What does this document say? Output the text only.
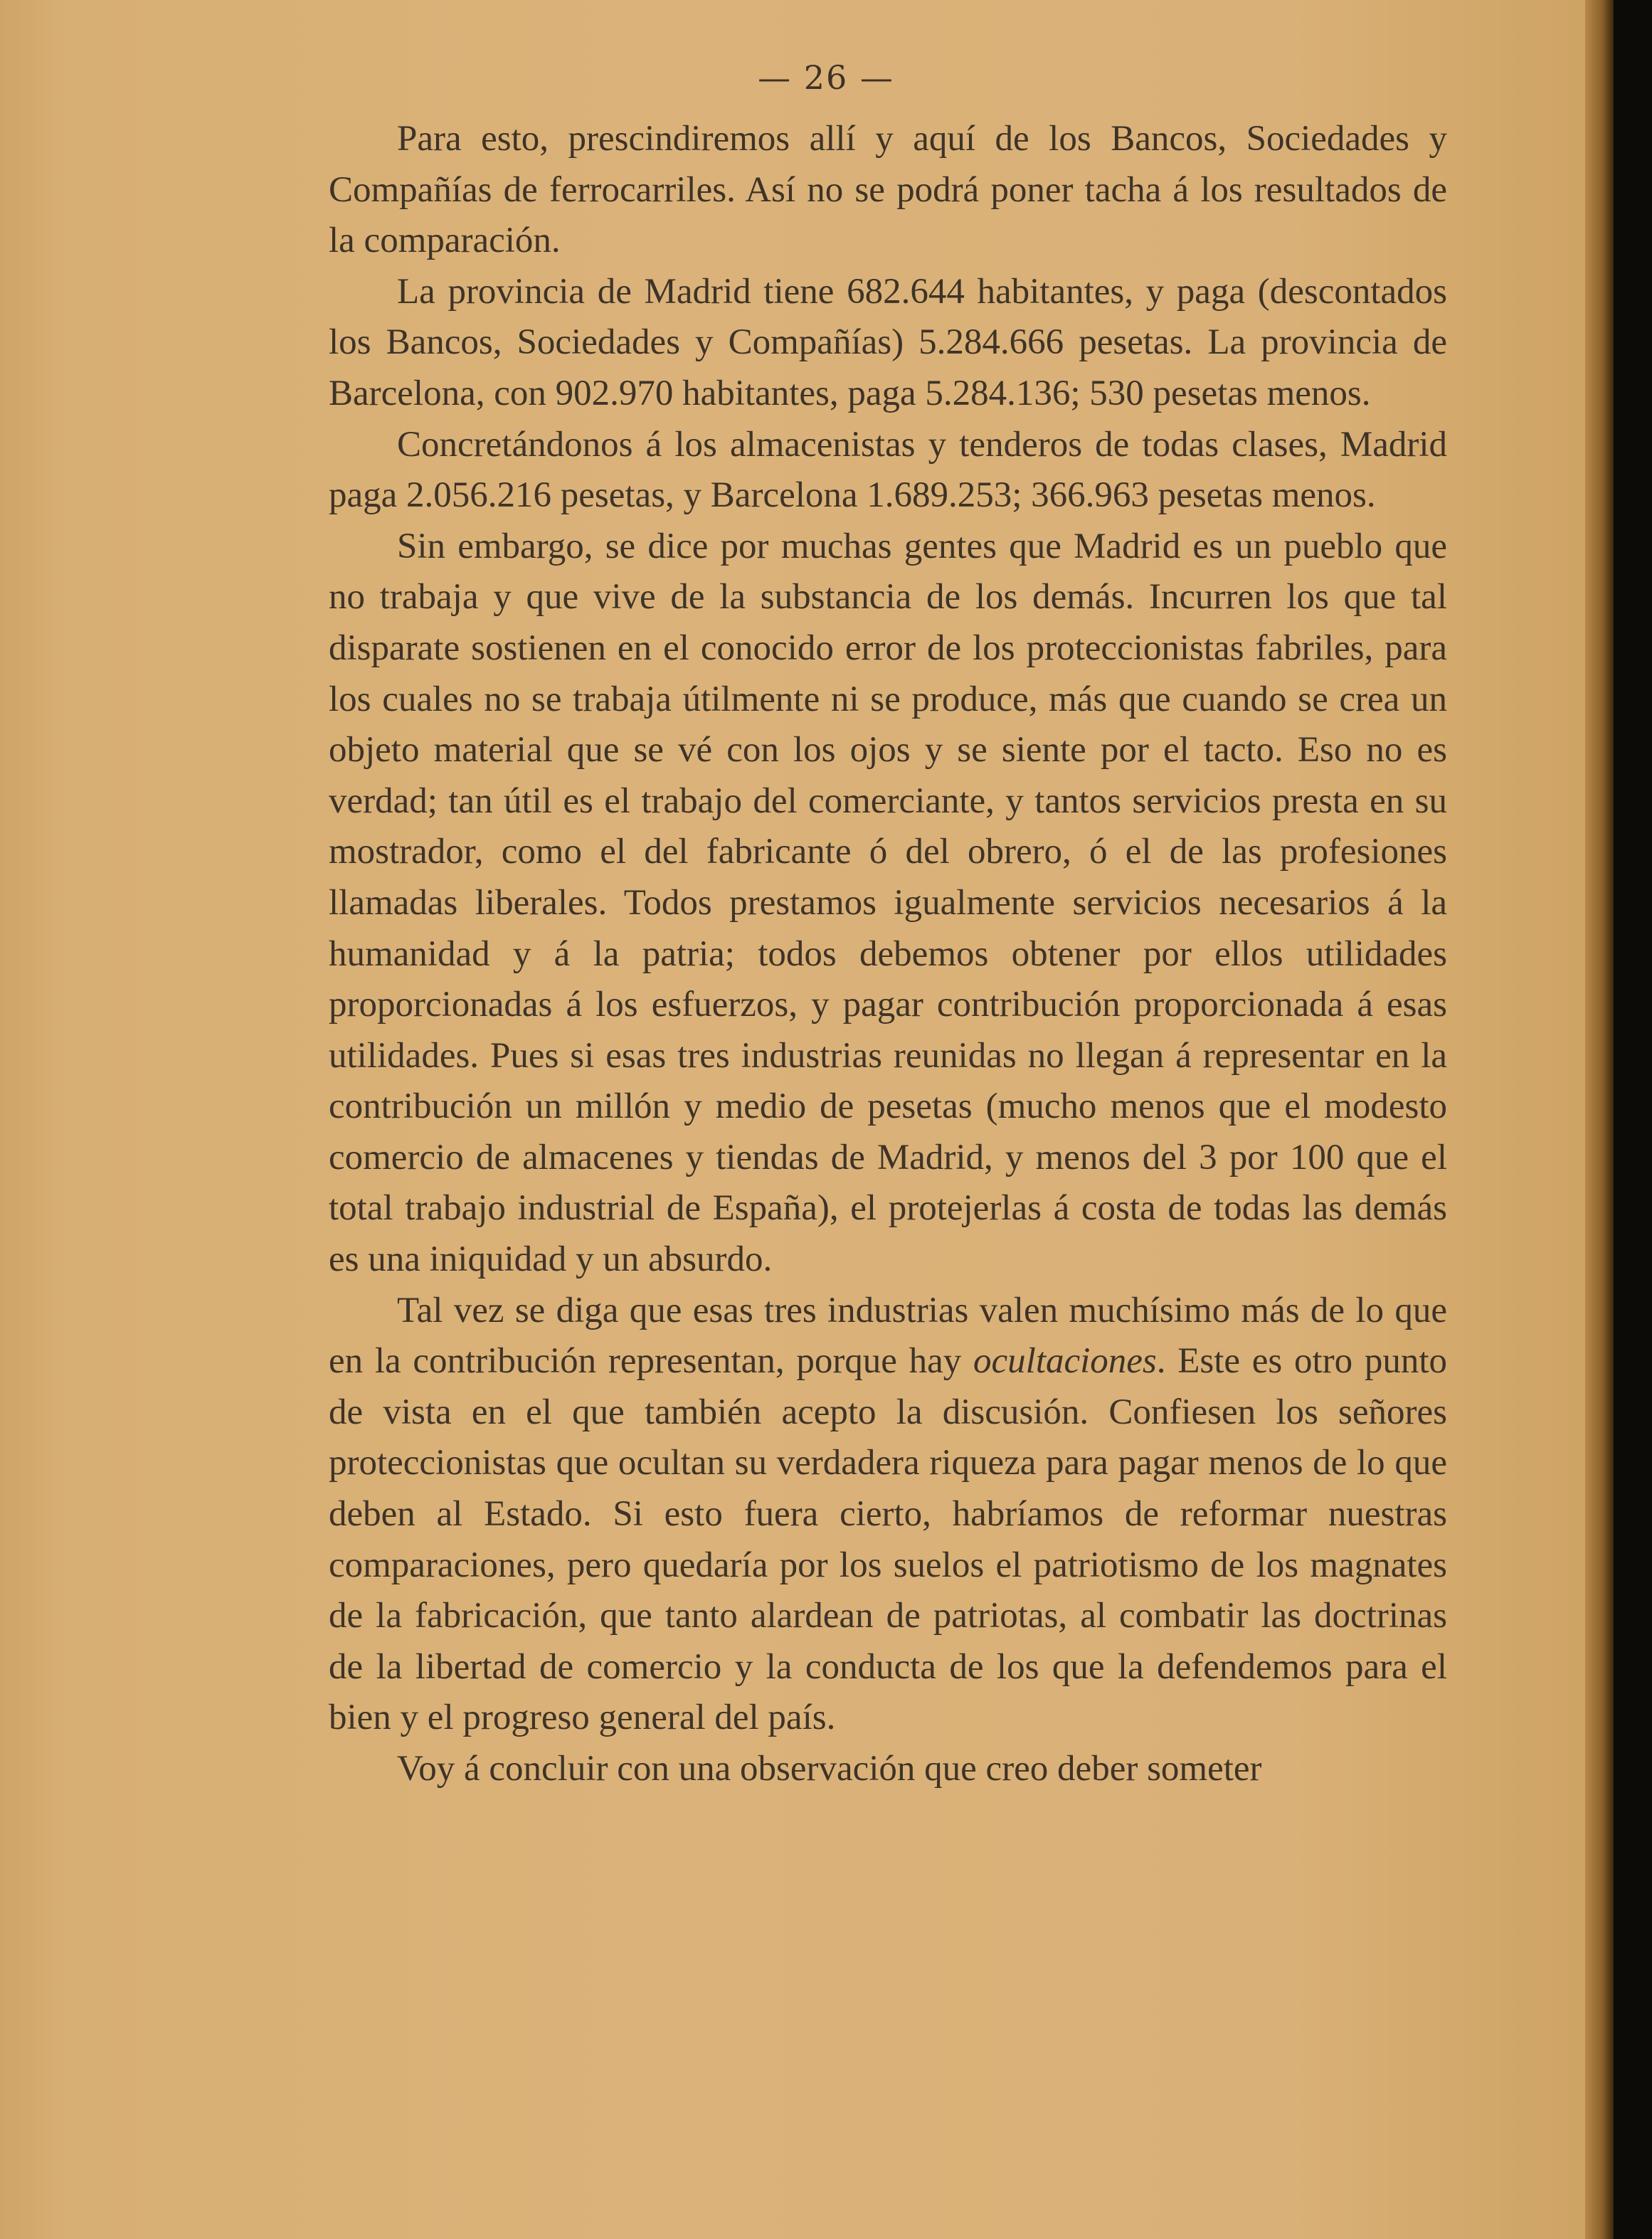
— 26 —

Para esto, prescindiremos allí y aquí de los Bancos, Sociedades y Compañías de ferrocarriles. Así no se podrá poner tacha á los resultados de la comparación.

La provincia de Madrid tiene 682.644 habitantes, y paga (descontados los Bancos, Sociedades y Compañías) 5.284.666 pesetas. La provincia de Barcelona, con 902.970 habitantes, paga 5.284.136; 530 pesetas menos.

Concretándonos á los almacenistas y tenderos de todas clases, Madrid paga 2.056.216 pesetas, y Barcelona 1.689.253; 366.963 pesetas menos.

Sin embargo, se dice por muchas gentes que Madrid es un pueblo que no trabaja y que vive de la substancia de los demás. Incurren los que tal disparate sostienen en el conocido error de los proteccionistas fabriles, para los cuales no se trabaja útilmente ni se produce, más que cuando se crea un objeto material que se vé con los ojos y se siente por el tacto. Eso no es verdad; tan útil es el trabajo del comerciante, y tantos servicios presta en su mostrador, como el del fabricante ó del obrero, ó el de las profesiones llamadas liberales. Todos prestamos igualmente servicios necesarios á la humanidad y á la patria; todos debemos obtener por ellos utilidades proporcionadas á los esfuerzos, y pagar contribución proporcionada á esas utilidades. Pues si esas tres industrias reunidas no llegan á representar en la contribución un millón y medio de pesetas (mucho menos que el modesto comercio de almacenes y tiendas de Madrid, y menos del 3 por 100 que el total trabajo industrial de España), el protejerlas á costa de todas las demás es una iniquidad y un absurdo.

Tal vez se diga que esas tres industrias valen muchísimo más de lo que en la contribución representan, porque hay ocultaciones. Este es otro punto de vista en el que también acepto la discusión. Confiesen los señores proteccionistas que ocultan su verdadera riqueza para pagar menos de lo que deben al Estado. Si esto fuera cierto, habríamos de reformar nuestras comparaciones, pero quedaría por los suelos el patriotismo de los magnates de la fabricación, que tanto alardean de patriotas, al combatir las doctrinas de la libertad de comercio y la conducta de los que la defendemos para el bien y el progreso general del país.

Voy á concluir con una observación que creo deber someter
